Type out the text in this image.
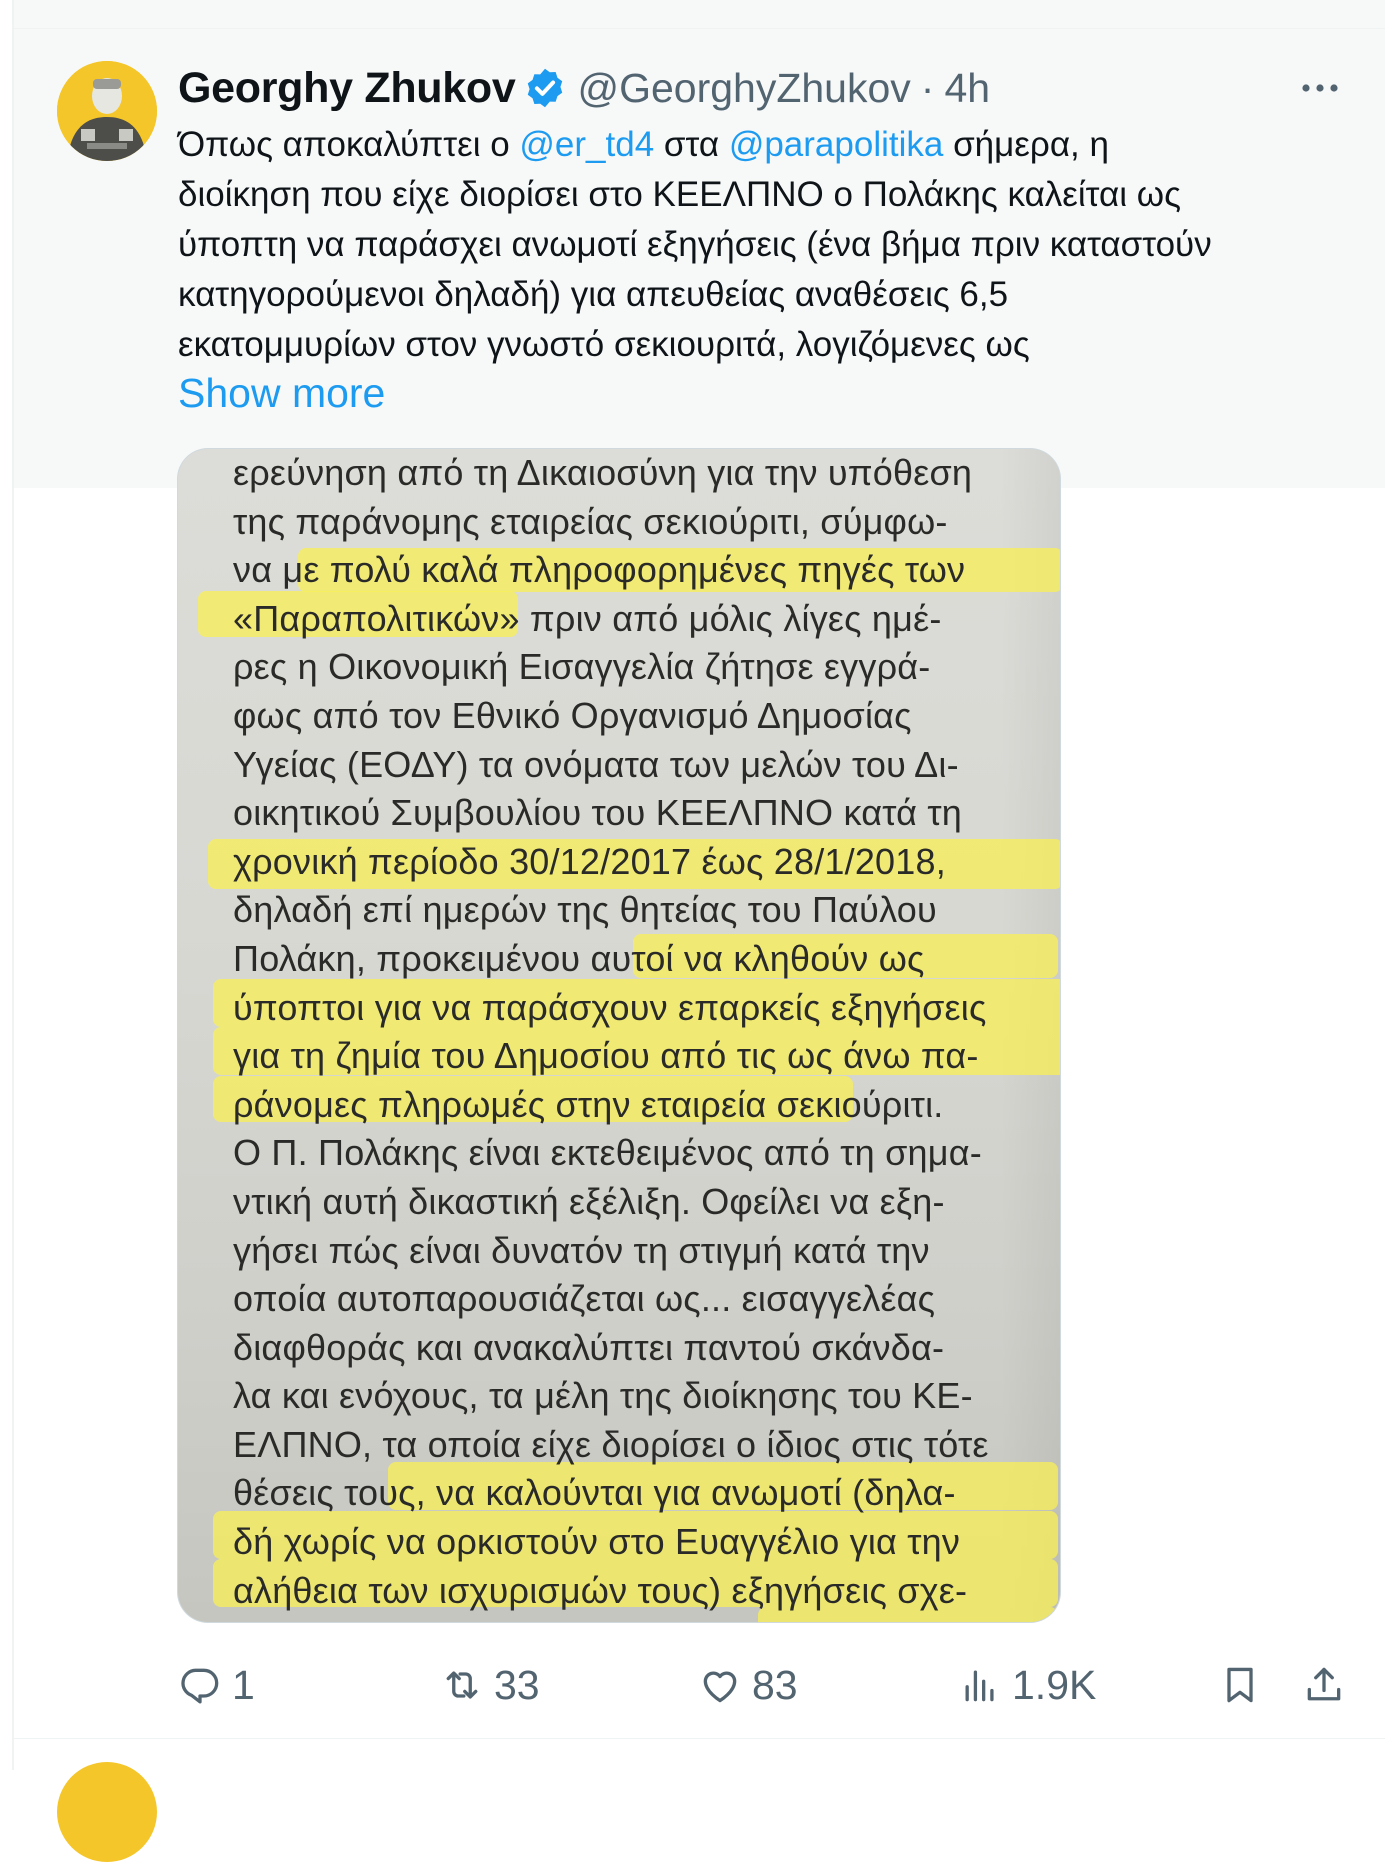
Georghy Zhukov @GeorghyZhukov · 4h
Όπως αποκαλύπτει ο @er_td4 στα @parapolitika σήμερα, η
διοίκηση που είχε διορίσει στο ΚΕΕΛΠΝΟ ο Πολάκης καλείται ως
ύποπτη να παράσχει ανωμοτί εξηγήσεις (ένα βήμα πριν καταστούν
κατηγορούμενοι δηλαδή) για απευθείας αναθέσεις 6,5
εκατομμυρίων στον γνωστό σεκιουριτά, λογιζόμενες ως
Show more
ερεύνηση από τη Δικαιοσύνη για την υπόθεση
της παράνομης εταιρείας σεκιούριτι, σύμφω-
να με πολύ καλά πληροφορημένες πηγές των
«Παραπολιτικών» πριν από μόλις λίγες ημέ-
ρες η Οικονομική Εισαγγελία ζήτησε εγγρά-
φως από τον Εθνικό Οργανισμό Δημοσίας
Υγείας (ΕΟΔΥ) τα ονόματα των μελών του Δι-
οικητικού Συμβουλίου του ΚΕΕΛΠΝΟ κατά τη
χρονική περίοδο 30/12/2017 έως 28/1/2018,
δηλαδή επί ημερών της θητείας του Παύλου
Πολάκη, προκειμένου αυτοί να κληθούν ως
ύποπτοι για να παράσχουν επαρκείς εξηγήσεις
για τη ζημία του Δημοσίου από τις ως άνω πα-
ράνομες πληρωμές στην εταιρεία σεκιούριτι.
Ο Π. Πολάκης είναι εκτεθειμένος από τη σημα-
ντική αυτή δικαστική εξέλιξη. Οφείλει να εξη-
γήσει πώς είναι δυνατόν τη στιγμή κατά την
οποία αυτοπαρουσιάζεται ως... εισαγγελέας
διαφθοράς και ανακαλύπτει παντού σκάνδα-
λα και ενόχους, τα μέλη της διοίκησης του ΚΕ-
ΕΛΠΝΟ, τα οποία είχε διορίσει ο ίδιος στις τότε
θέσεις τους, να καλούνται για ανωμοτί (δηλα-
δή χωρίς να ορκιστούν στο Ευαγγέλιο για την
αλήθεια των ισχυρισμών τους) εξηγήσεις σχε-
1	33	83	1.9K
